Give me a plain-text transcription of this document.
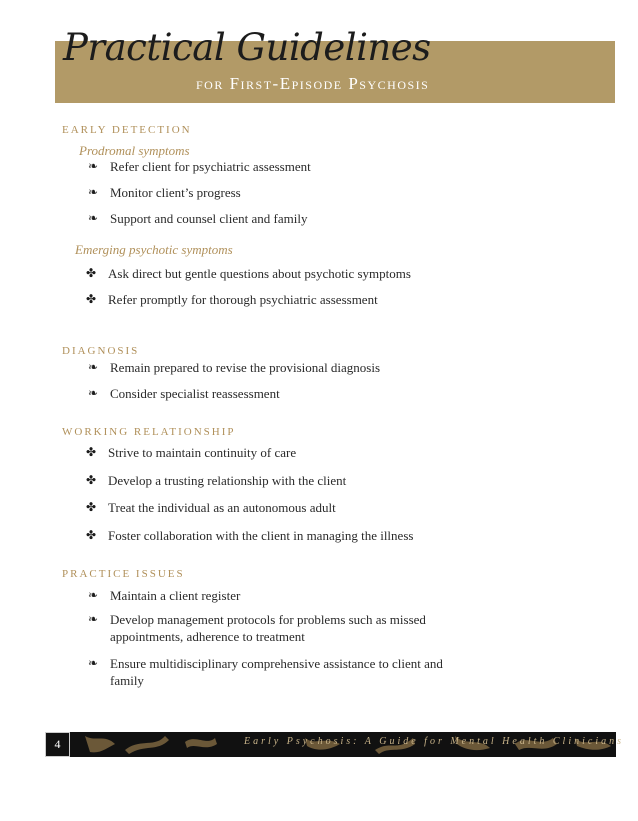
Practical Guidelines
for First-Episode Psychosis
EARLY DETECTION
Prodromal symptoms
❧ Refer client for psychiatric assessment
❧ Monitor client’s progress
❧ Support and counsel client and family
Emerging psychotic symptoms
✤ Ask direct but gentle questions about psychotic symptoms
✤ Refer promptly for thorough psychiatric assessment
DIAGNOSIS
❧ Remain prepared to revise the provisional diagnosis
❧ Consider specialist reassessment
WORKING RELATIONSHIP
✤ Strive to maintain continuity of care
✤ Develop a trusting relationship with the client
✤ Treat the individual as an autonomous adult
✤ Foster collaboration with the client in managing the illness
PRACTICE ISSUES
❧ Maintain a client register
❧ Develop management protocols for problems such as missed appointments, adherence to treatment
❧ Ensure multidisciplinary comprehensive assistance to client and family
4	Early Psychosis: A Guide for Mental Health Clinicians
